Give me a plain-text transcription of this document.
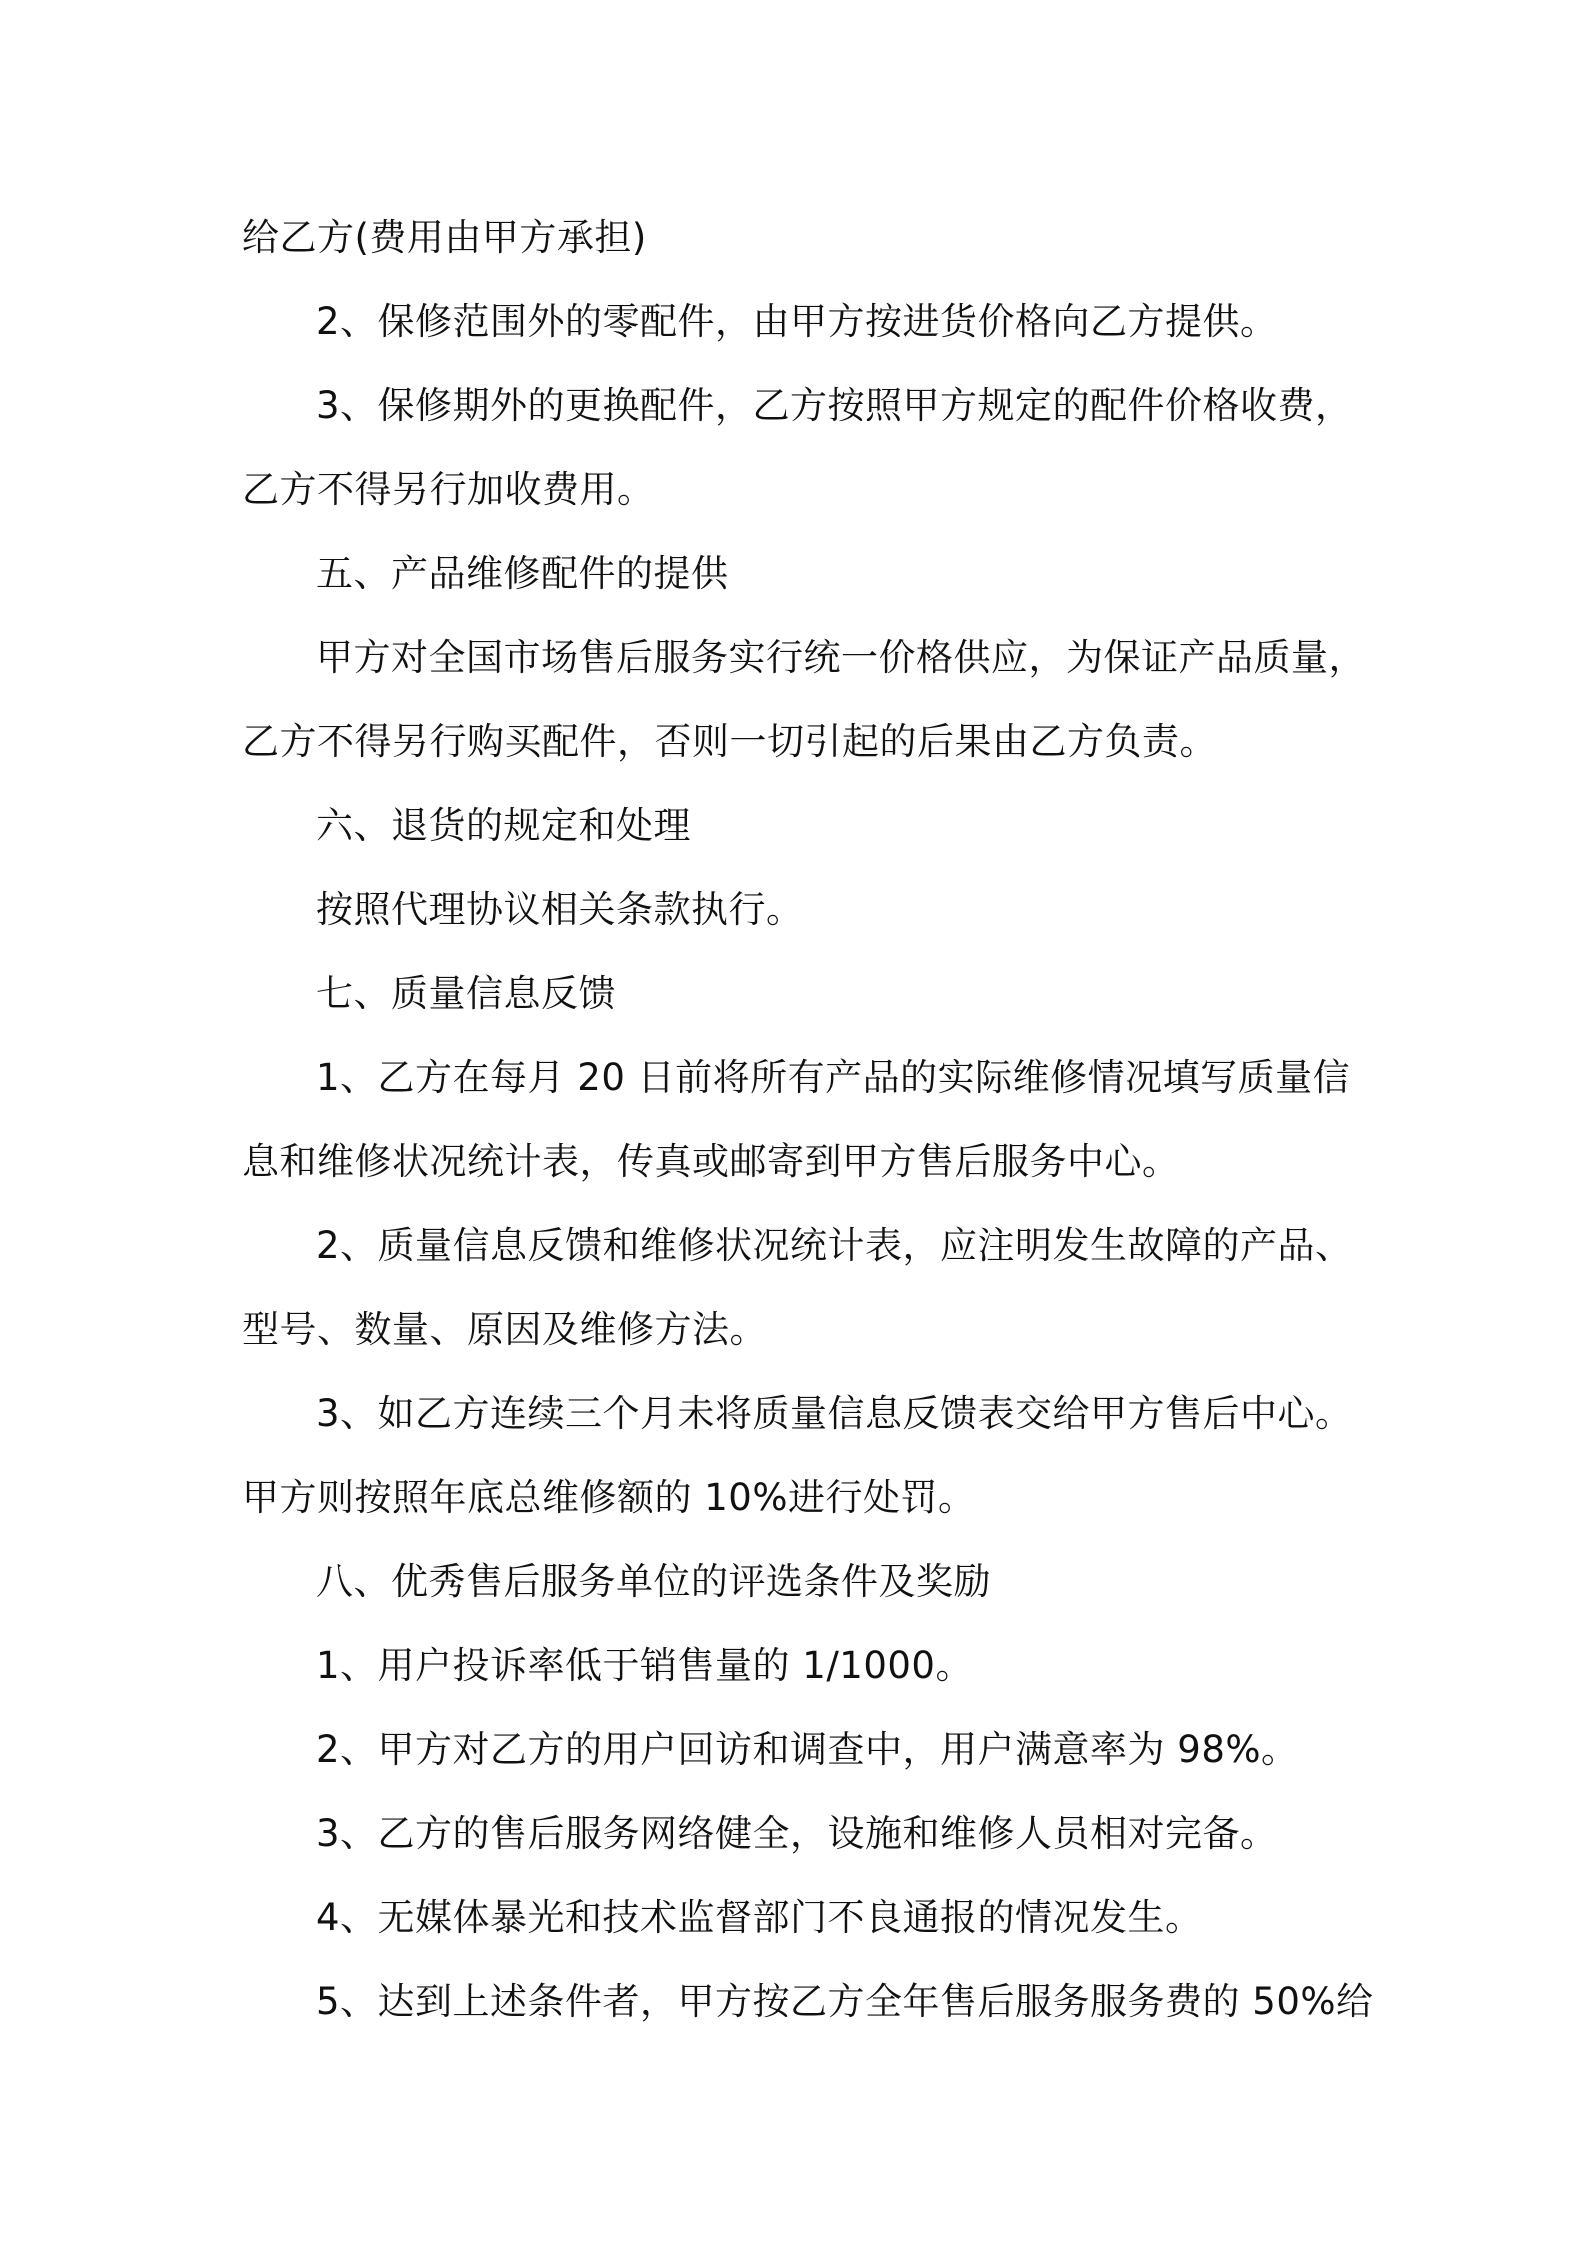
给乙方(费用由甲方承担)
2、保修范围外的零配件，由甲方按进货价格向乙方提供。
3、保修期外的更换配件，乙方按照甲方规定的配件价格收费，
乙方不得另行加收费用。
五、产品维修配件的提供
甲方对全国市场售后服务实行统一价格供应，为保证产品质量，
乙方不得另行购买配件，否则一切引起的后果由乙方负责。
六、退货的规定和处理
按照代理协议相关条款执行。
七、质量信息反馈
1、乙方在每月 20 日前将所有产品的实际维修情况填写质量信
息和维修状况统计表，传真或邮寄到甲方售后服务中心。
2、质量信息反馈和维修状况统计表，应注明发生故障的产品、
型号、数量、原因及维修方法。
3、如乙方连续三个月未将质量信息反馈表交给甲方售后中心。
甲方则按照年底总维修额的 10%进行处罚。
八、优秀售后服务单位的评选条件及奖励
1、用户投诉率低于销售量的 1/1000。
2、甲方对乙方的用户回访和调查中，用户满意率为 98%。
3、乙方的售后服务网络健全，设施和维修人员相对完备。
4、无媒体暴光和技术监督部门不良通报的情况发生。
5、达到上述条件者，甲方按乙方全年售后服务服务费的 50%给
